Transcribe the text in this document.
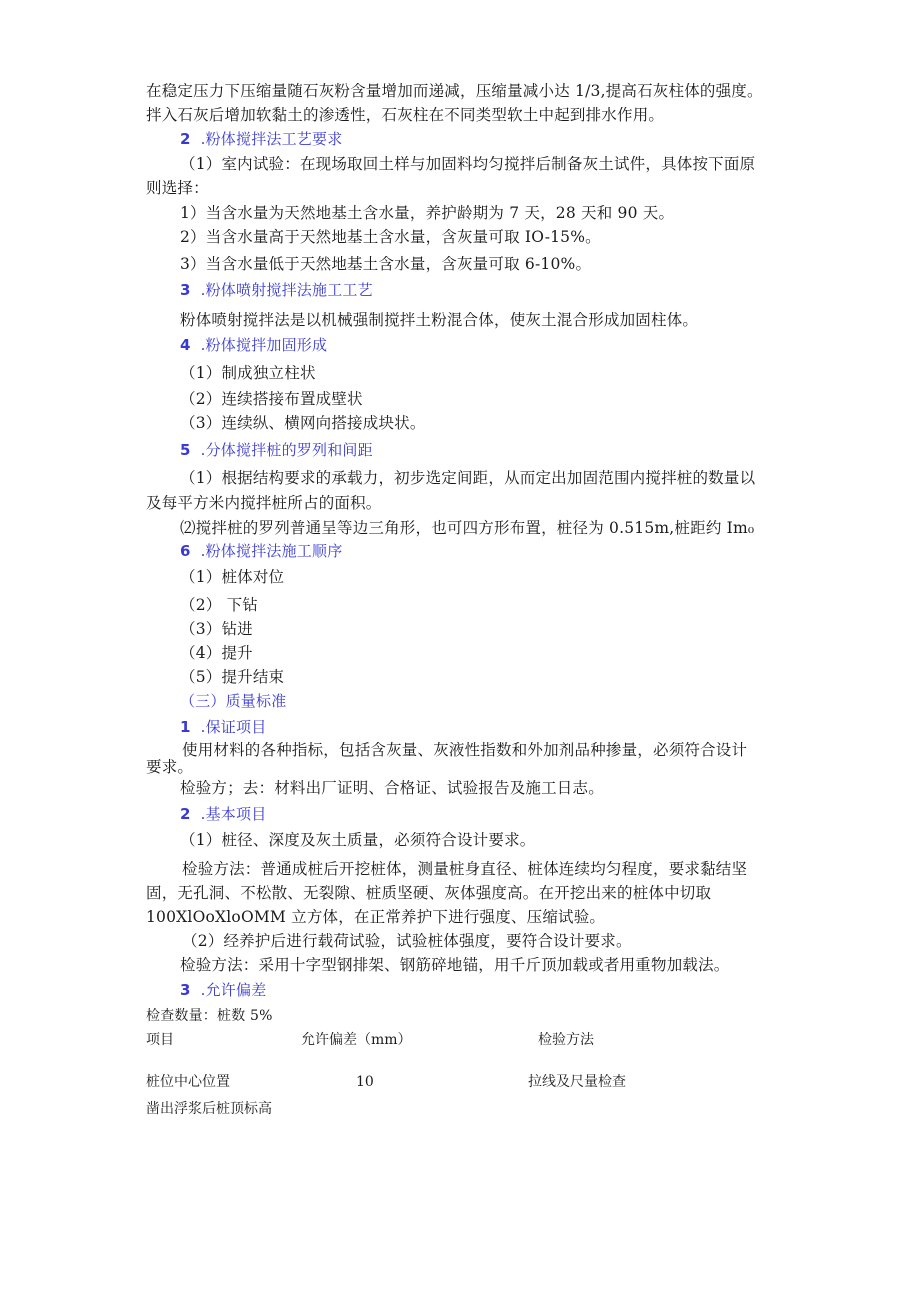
在稳定压力下压缩量随石灰粉含量增加而递减，压缩量减小达 1/3,提高石灰柱体的强度。
拌入石灰后增加软黏土的渗透性，石灰柱在不同类型软土中起到排水作用。
2 .粉体搅拌法工艺要求
（1）室内试验：在现场取回土样与加固料均匀搅拌后制备灰土试件，具体按下面原
则选择：
1）当含水量为天然地基土含水量，养护龄期为 7 天，28 天和 90 天。
2）当含水量高于天然地基土含水量，含灰量可取 IO-15%。
3）当含水量低于天然地基土含水量，含灰量可取 6-10%。
3 .粉体喷射搅拌法施工工艺
粉体喷射搅拌法是以机械强制搅拌土粉混合体，使灰土混合形成加固柱体。
4 .粉体搅拌加固形成
（1）制成独立柱状
（2）连续搭接布置成壁状
（3）连续纵、横网向搭接成块状。
5 .分体搅拌桩的罗列和间距
（1）根据结构要求的承载力，初步选定间距，从而定出加固范围内搅拌桩的数量以
及每平方米内搅拌桩所占的面积。
⑵搅拌桩的罗列普通呈等边三角形，也可四方形布置，桩径为 0.515m,桩距约 Im₀
6 .粉体搅拌法施工顺序
（1）桩体对位
（2） 下钻
（3）钻进
（4）提升
（5）提升结束
（三）质量标准
1 .保证项目
使用材料的各种指标，包括含灰量、灰液性指数和外加剂品种掺量，必须符合设计
要求。
检验方；去：材料出厂证明、合格证、试验报告及施工日志。
2 .基本项目
（1）桩径、深度及灰土质量，必须符合设计要求。
检验方法：普通成桩后开挖桩体，测量桩身直径、桩体连续均匀程度，要求黏结坚
固，无孔洞、不松散、无裂隙、桩质坚硬、灰体强度高。在开挖出来的桩体中切取
100XlOoXloOMM 立方体，在正常养护下进行强度、压缩试验。
（2）经养护后进行载荷试验，试验桩体强度，要符合设计要求。
检验方法：采用十字型钢排架、钢筋碎地锚，用千斤顶加载或者用重物加载法。
3 .允许偏差
检查数量：桩数 5%
项目	允许偏差（mm）	检验方法
桩位中心位置	10	拉线及尺量检查
凿出浮浆后桩顶标高
